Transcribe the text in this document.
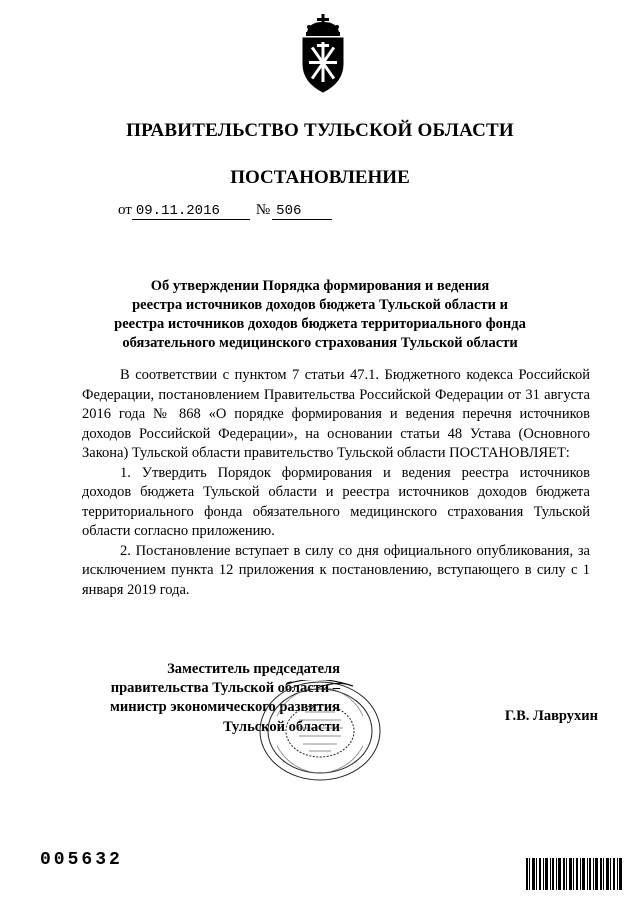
ПРАВИТЕЛЬСТВО ТУЛЬСКОЙ ОБЛАСТИ
ПОСТАНОВЛЕНИЕ
от 09.11.2016 № 506
Об утверждении Порядка формирования и ведения
реестра источников доходов бюджета Тульской области и
реестра источников доходов бюджета территориального фонда
обязательного медицинского страхования Тульской области

В соответствии с пунктом 7 статьи 47.1. Бюджетного кодекса Российской Федерации, постановлением Правительства Российской Федерации от 31 августа 2016 года № 868 «О порядке формирования и ведения перечня источников доходов Российской Федерации», на основании статьи 48 Устава (Основного Закона) Тульской области правительство Тульской области ПОСТАНОВЛЯЕТ:

1. Утвердить Порядок формирования и ведения реестра источников доходов бюджета Тульской области и реестра источников доходов бюджета территориального фонда обязательного медицинского страхования Тульской области согласно приложению.

2. Постановление вступает в силу со дня официального опубликования, за исключением пункта 12 приложения к постановлению, вступающего в силу с 1 января 2019 года.

Заместитель председателя
правительства Тульской области –
министр экономического развития
Тульской области
Г.В. Лаврухин
005632
